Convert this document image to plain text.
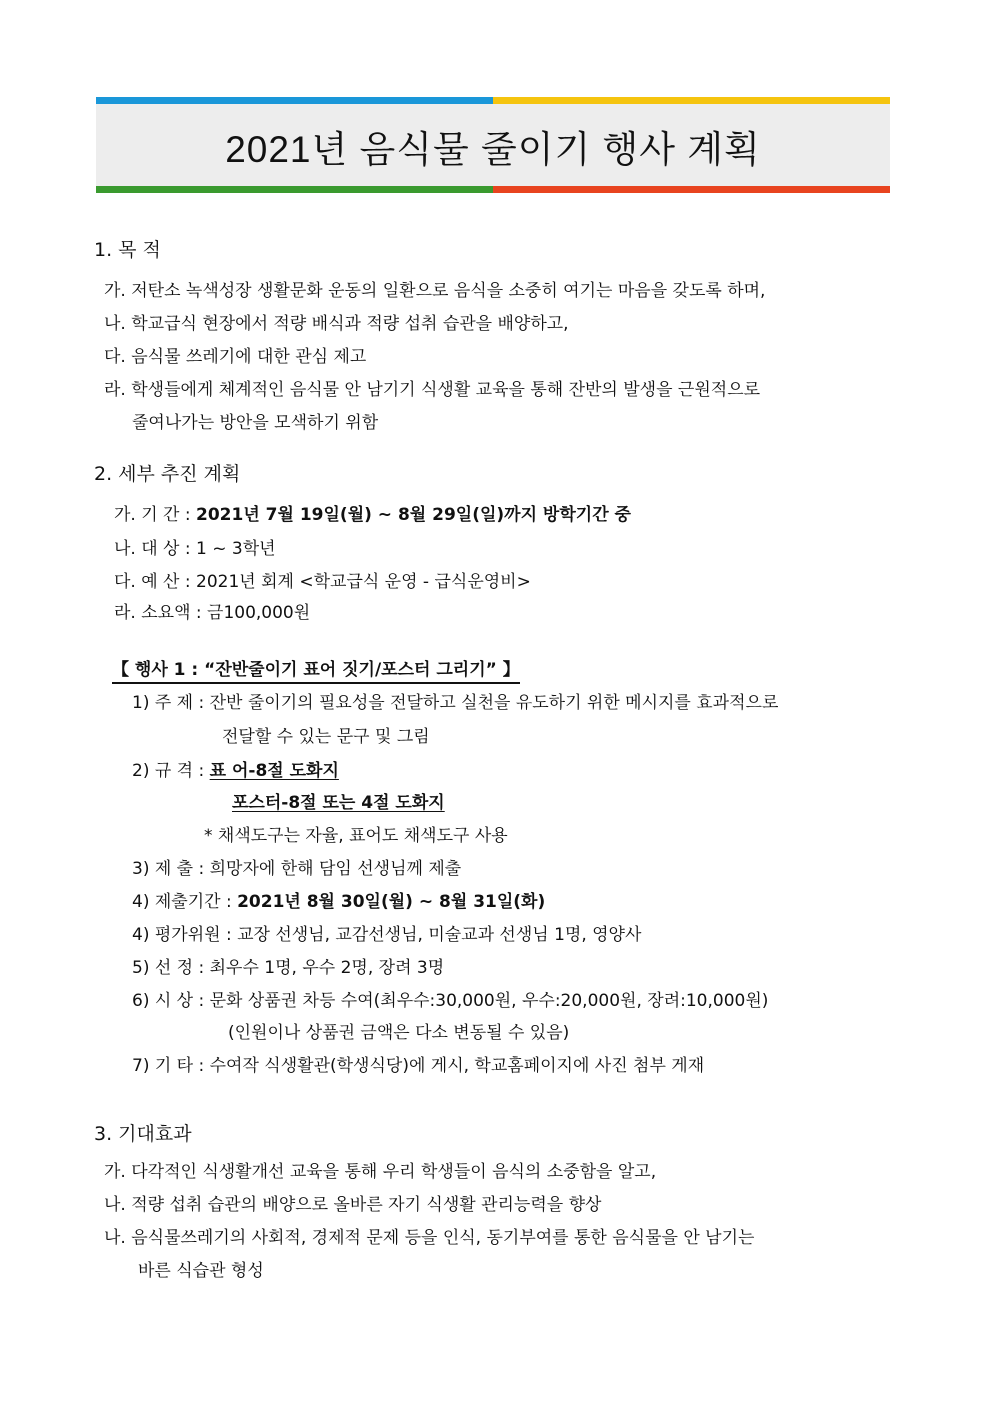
2021년 음식물 줄이기 행사 계획
1. 목 적
가. 저탄소 녹색성장 생활문화 운동의 일환으로 음식을 소중히 여기는 마음을 갖도록 하며,
나. 학교급식 현장에서 적량 배식과 적량 섭취 습관을 배양하고,
다. 음식물 쓰레기에 대한 관심 제고
라. 학생들에게 체계적인 음식물 안 남기기 식생활 교육을 통해 잔반의 발생을 근원적으로
줄여나가는 방안을 모색하기 위함
2. 세부 추진 계획
가. 기 간 : 2021년 7월 19일(월) ~ 8월 29일(일)까지 방학기간 중
나. 대 상 : 1 ~ 3학년
다. 예 산 : 2021년 회계 <학교급식 운영 - 급식운영비>
라. 소요액 : 금100,000원
【 행사 1 : “잔반줄이기 표어 짓기/포스터 그리기” 】
1) 주 제 : 잔반 줄이기의 필요성을 전달하고 실천을 유도하기 위한 메시지를 효과적으로
전달할 수 있는 문구 및 그림
2) 규 격 : 표 어-8절 도화지
포스터-8절 또는 4절 도화지
* 채색도구는 자율, 표어도 채색도구 사용
3) 제 출 : 희망자에 한해 담임 선생님께 제출
4) 제출기간 : 2021년 8월 30일(월) ~ 8월 31일(화)
4) 평가위원 : 교장 선생님, 교감선생님, 미술교과 선생님 1명, 영양사
5) 선 정 : 최우수 1명, 우수 2명, 장려 3명
6) 시 상 : 문화 상품권 차등 수여(최우수:30,000원, 우수:20,000원, 장려:10,000원)
(인원이나 상품권 금액은 다소 변동될 수 있음)
7) 기 타 : 수여작 식생활관(학생식당)에 게시, 학교홈페이지에 사진 첨부 게재
3. 기대효과
가. 다각적인 식생활개선 교육을 통해 우리 학생들이 음식의 소중함을 알고,
나. 적량 섭취 습관의 배양으로 올바른 자기 식생활 관리능력을 향상
나. 음식물쓰레기의 사회적, 경제적 문제 등을 인식, 동기부여를 통한 음식물을 안 남기는
바른 식습관 형성
